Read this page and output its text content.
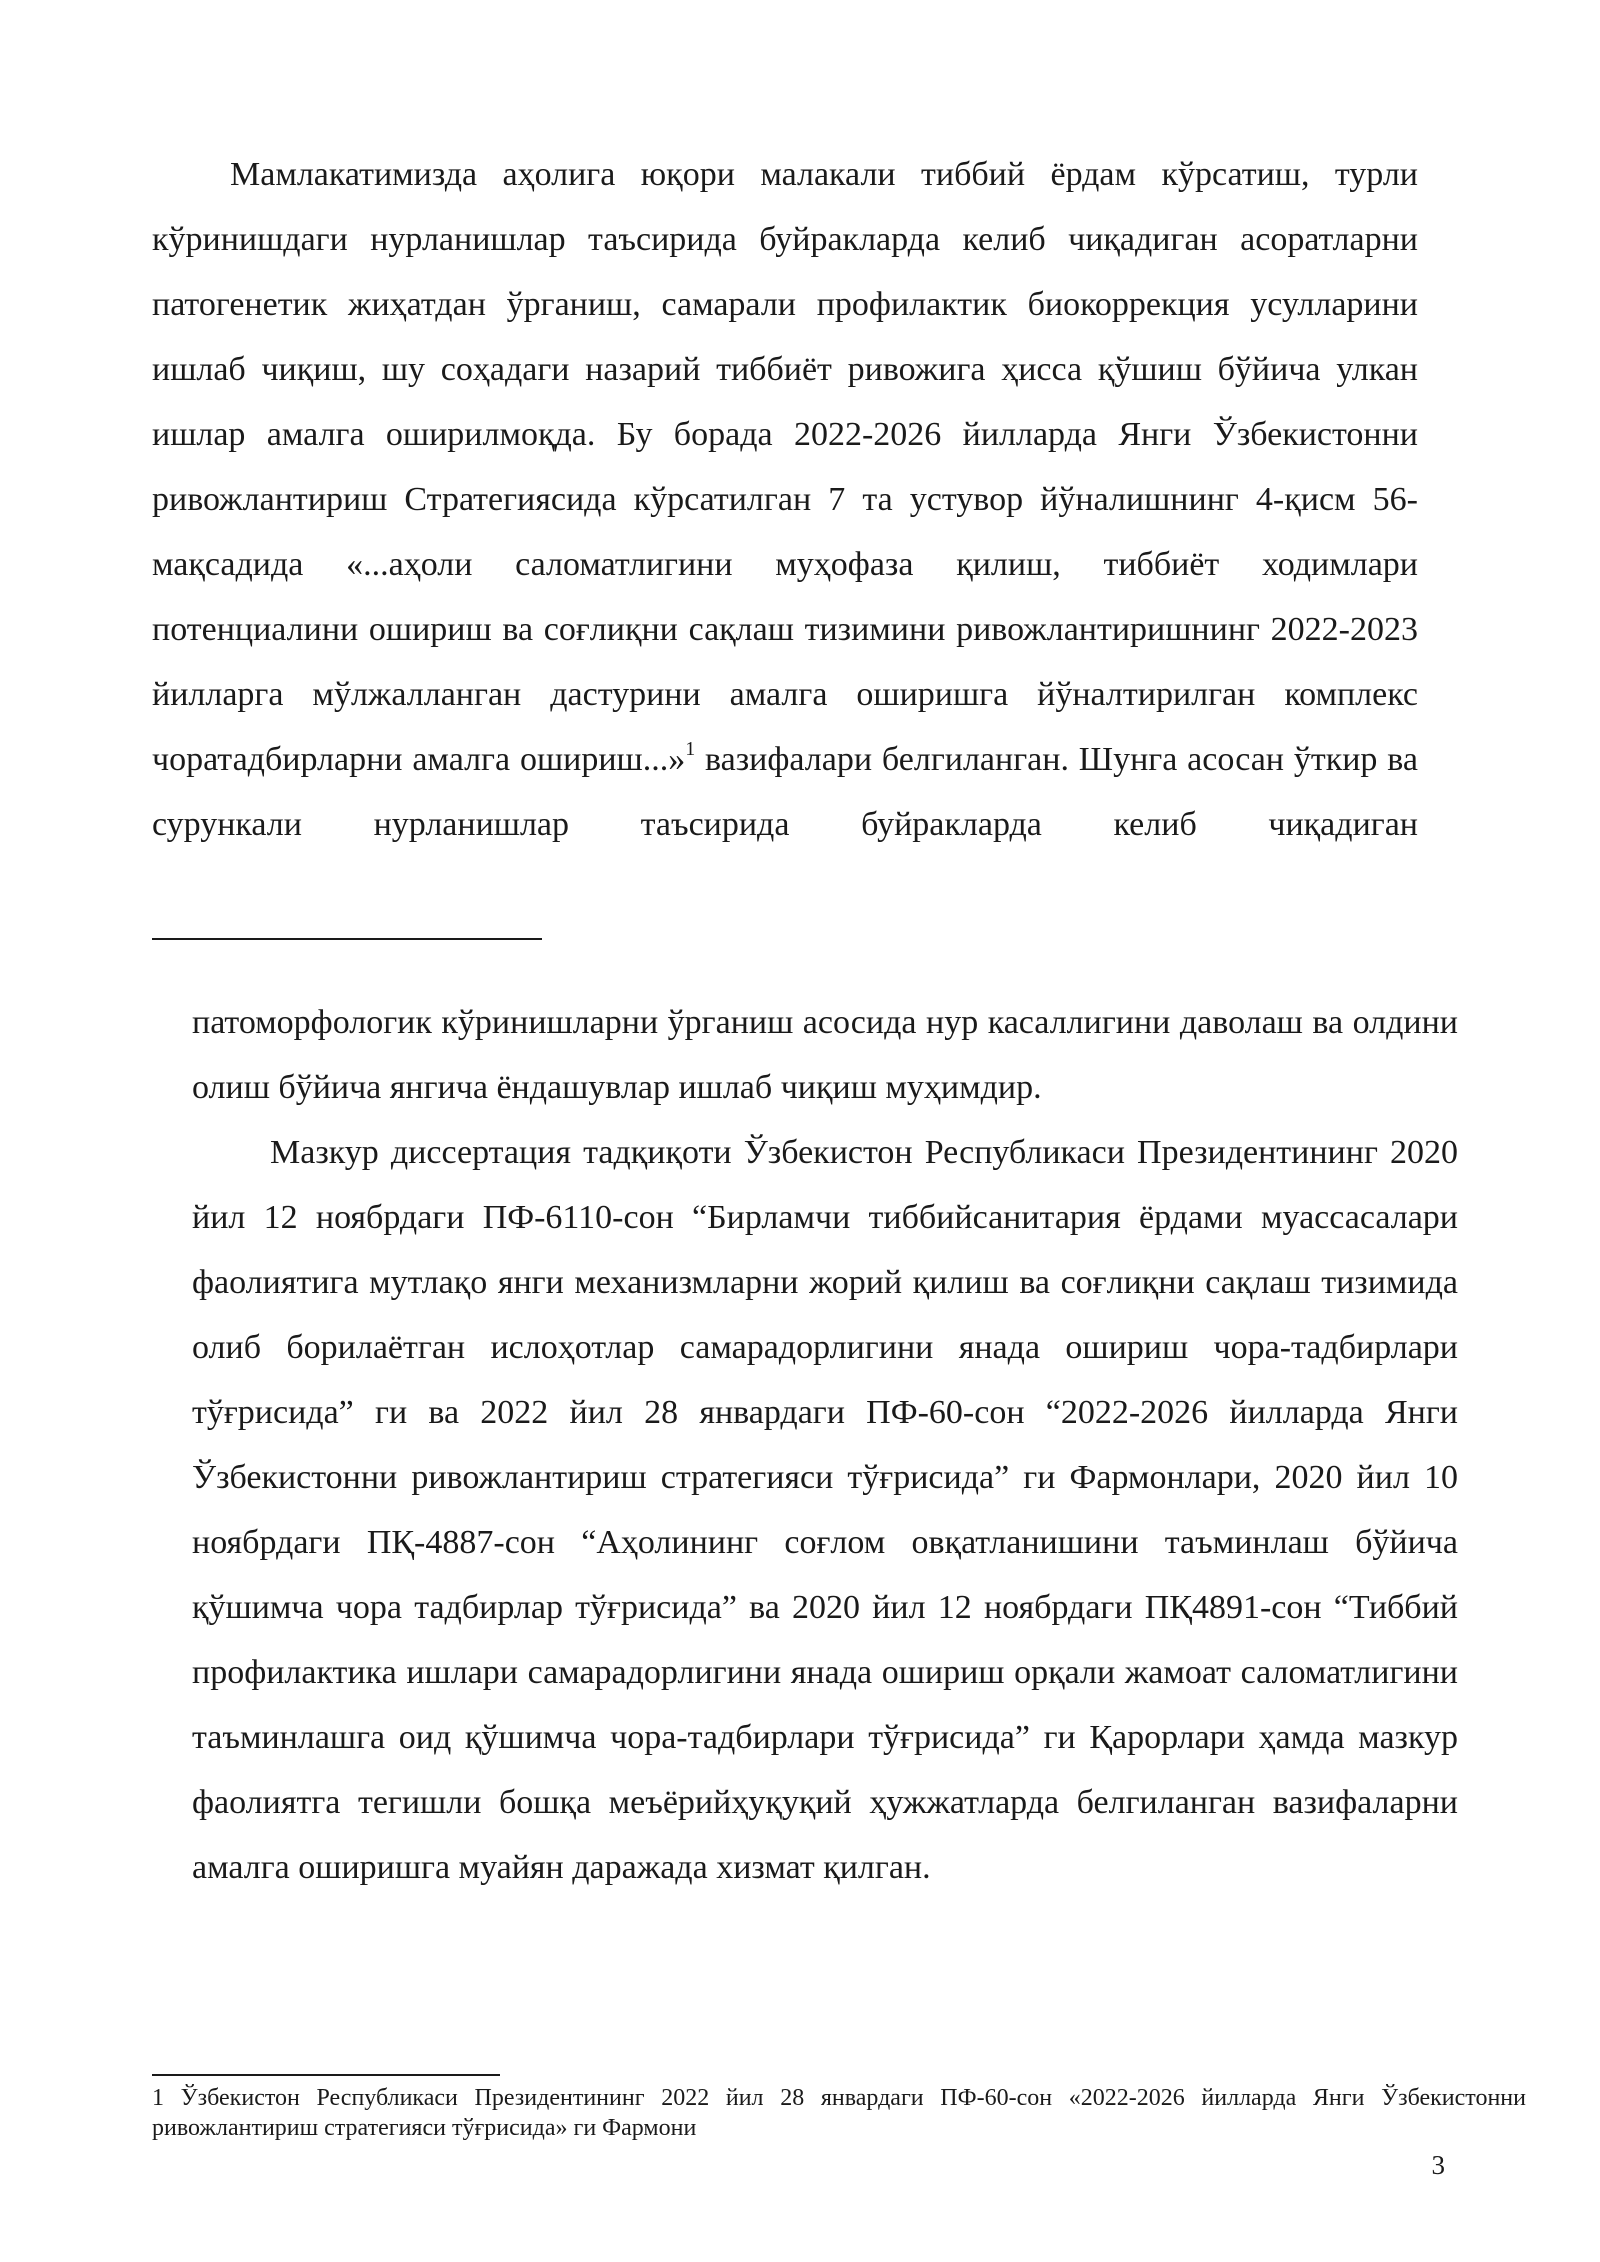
Мамлакатимизда аҳолига юқори малакали тиббий ёрдам кўрсатиш, турли кўринишдаги нурланишлар таъсирида буйракларда келиб чиқадиган асоратларни патогенетик жиҳатдан ўрганиш, самарали профилактик биокоррекция усулларини ишлаб чиқиш, шу соҳадаги назарий тиббиёт ривожига ҳисса қўшиш бўйича улкан ишлар амалга оширилмоқда. Бу борада 2022-2026 йилларда Янги Ўзбекистонни ривожлантириш Стратегиясида кўрсатилган 7 та устувор йўналишнинг 4-қисм 56-мақсадида «...аҳоли саломатлигини муҳофаза қилиш, тиббиёт ходимлари потенциалини ошириш ва соғлиқни сақлаш тизимини ривожлантиришнинг 2022-2023 йилларга мўлжалланган дастурини амалга оширишга йўналтирилган комплекс чоратадбирларни амалга ошириш...»$^1$ вазифалари белгиланган. Шунга асосан ўткир ва сурункали нурланишлар таъсирида буйракларда келиб чиқадиган

патоморфологик кўринишларни ўрганиш асосида нур касаллигини даволаш ва олдини олиш бўйича янгича ёндашувлар ишлаб чиқиш муҳимдир.

Мазкур диссертация тадқиқоти Ўзбекистон Республикаси Президентининг 2020 йил 12 ноябрдаги ПФ-6110-сон “Бирламчи тиббийсанитария ёрдами муассасалари фаолиятига мутлақо янги механизмларни жорий қилиш ва соғлиқни сақлаш тизимида олиб борилаётган ислоҳотлар самарадорлигини янада ошириш чора-тадбирлари тўғрисида” ги ва 2022 йил 28 январдаги ПФ-60-сон “2022-2026 йилларда Янги Ўзбекистонни ривожлантириш стратегияси тўғрисида” ги Фармонлари, 2020 йил 10 ноябрдаги ПҚ-4887-сон “Аҳолининг соғлом овқатланишини таъминлаш бўйича қўшимча чора тадбирлар тўғрисида” ва 2020 йил 12 ноябрдаги ПҚ4891-сон “Тиббий профилактика ишлари самарадорлигини янада ошириш орқали жамоат саломатлигини таъминлашга оид қўшимча чора-тадбирлари тўғрисида” ги Қарорлари ҳамда мазкур фаолиятга тегишли бошқа меъёрийҳуқуқий ҳужжатларда белгиланган вазифаларни амалга оширишга муайян даражада хизмат қилган.

1 Ўзбекистон Республикаси Президентининг 2022 йил 28 январдаги ПФ-60-сон «2022-2026 йилларда Янги Ўзбекистонни ривожлантириш стратегияси тўғрисида» ги Фармони

3
